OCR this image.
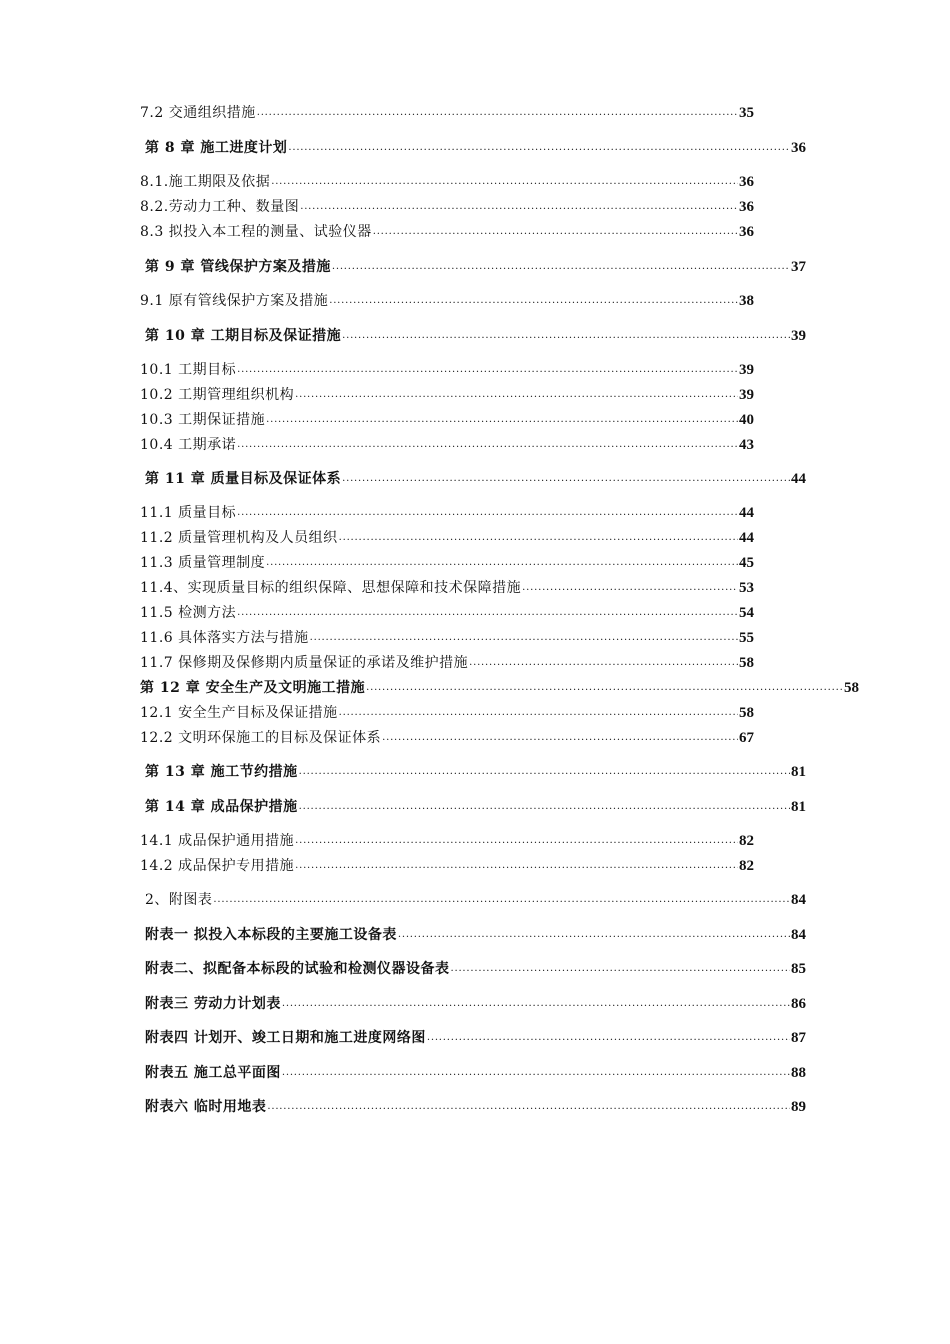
7.2 交通组织措施 .....	35
第 8 章 施工进度计划 .....	36
8.1.施工期限及依据 .....	36
8.2.劳动力工种、数量图 .....	36
8.3 拟投入本工程的测量、试验仪器 .....	36
第 9 章 管线保护方案及措施 .....	37
9.1 原有管线保护方案及措施 .....	38
第 10 章 工期目标及保证措施 .....	39
10.1 工期目标 .....	39
10.2 工期管理组织机构 .....	39
10.3 工期保证措施 .....	40
10.4 工期承诺 .....	43
第 11 章 质量目标及保证体系 .....	44
11.1 质量目标 .....	44
11.2 质量管理机构及人员组织 .....	44
11.3 质量管理制度 .....	45
11.4、实现质量目标的组织保障、思想保障和技术保障措施 .....	53
11.5 检测方法 .....	54
11.6 具体落实方法与措施 .....	55
11.7 保修期及保修期内质量保证的承诺及维护措施 .....	58
第 12 章 安全生产及文明施工措施 .....	58
12.1 安全生产目标及保证措施 .....	58
12.2 文明环保施工的目标及保证体系 .....	67
第 13 章 施工节约措施 .....	81
第 14 章 成品保护措施 .....	81
14.1 成品保护通用措施 .....	82
14.2 成品保护专用措施 .....	82
2、附图表 .....	84
附表一 拟投入本标段的主要施工设备表 .....	84
附表二、拟配备本标段的试验和检测仪器设备表 .....	85
附表三 劳动力计划表 .....	86
附表四 计划开、竣工日期和施工进度网络图 .....	87
附表五 施工总平面图 .....	88
附表六 临时用地表 .....	89
